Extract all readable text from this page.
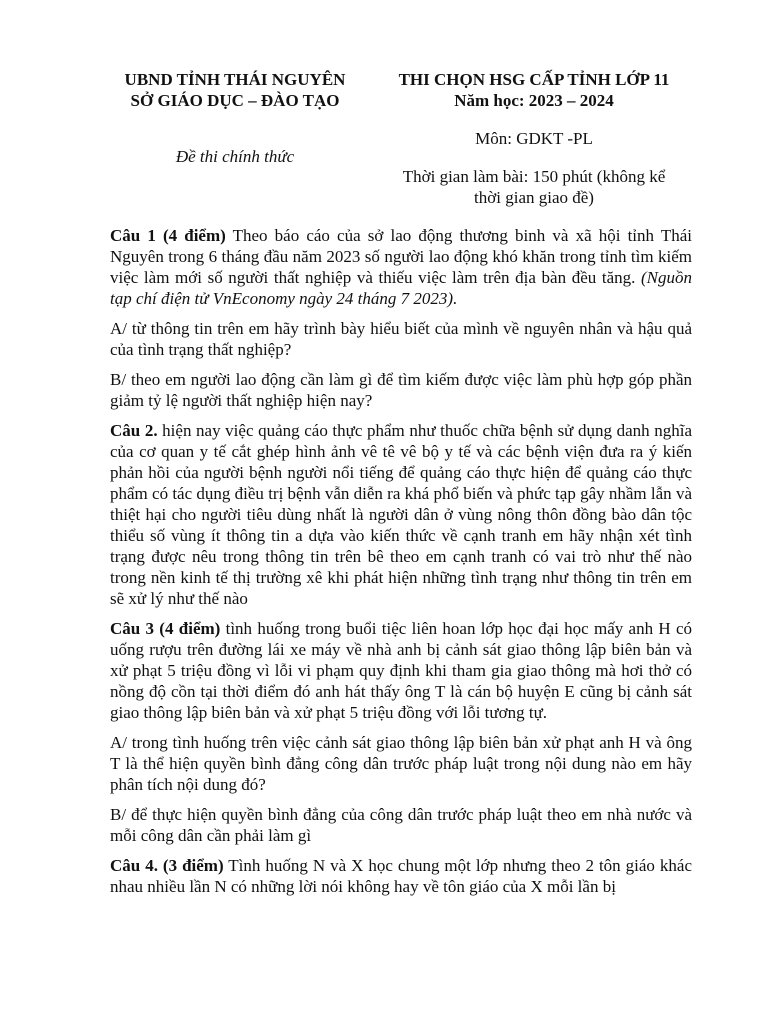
UBND TỈNH THÁI NGUYÊN
SỞ GIÁO DỤC – ĐÀO TẠO
Đề thi chính thức
THI CHỌN HSG CẤP TỈNH LỚP 11
Năm học: 2023 – 2024
Môn: GDKT -PL
Thời gian làm bài: 150 phút (không kể
thời gian giao đề)

Câu 1 (4 điểm) Theo báo cáo của sở lao động thương binh và xã hội tỉnh Thái Nguyên trong 6 tháng đầu năm 2023 số người lao động khó khăn trong tỉnh tìm kiếm việc làm mới số người thất nghiệp và thiếu việc làm trên địa bàn đều tăng. (Nguồn tạp chí điện tử VnEconomy ngày 24 tháng 7 2023).

A/ từ thông tin trên em hãy trình bày hiểu biết của mình về nguyên nhân và hậu quả của tình trạng thất nghiệp?

B/ theo em người lao động cần làm gì để tìm kiếm được việc làm phù hợp góp phần giảm tỷ lệ người thất nghiệp hiện nay?

Câu 2. hiện nay việc quảng cáo thực phẩm như thuốc chữa bệnh sử dụng danh nghĩa của cơ quan y tế cắt ghép hình ảnh vê tê vê bộ y tế và các bệnh viện đưa ra ý kiến phản hồi của người bệnh người nổi tiếng để quảng cáo thực hiện để quảng cáo thực phẩm có tác dụng điều trị bệnh vẫn diễn ra khá phổ biến và phức tạp gây nhầm lẫn và thiệt hại cho người tiêu dùng nhất là người dân ở vùng nông thôn đồng bào dân tộc thiểu số vùng ít thông tin a dựa vào kiến thức về cạnh tranh em hãy nhận xét tình trạng được nêu trong thông tin trên bê theo em cạnh tranh có vai trò như thế nào trong nền kinh tế thị trường xê khi phát hiện những tình trạng như thông tin trên em sẽ xử lý như thế nào

Câu 3 (4 điểm) tình huống trong buổi tiệc liên hoan lớp học đại học mấy anh H có uống rượu trên đường lái xe máy về nhà anh bị cảnh sát giao thông lập biên bản và xử phạt 5 triệu đồng vì lỗi vi phạm quy định khi tham gia giao thông mà hơi thở có nồng độ cồn tại thời điểm đó anh hát thấy ông T là cán bộ huyện E cũng bị cảnh sát giao thông lập biên bản và xử phạt 5 triệu đồng với lỗi tương tự.

A/ trong tình huống trên việc cảnh sát giao thông lập biên bản xử phạt anh H và ông T là thể hiện quyền bình đẳng công dân trước pháp luật trong nội dung nào em hãy phân tích nội dung đó?

B/ để thực hiện quyền bình đẳng của công dân trước pháp luật theo em nhà nước và mỗi công dân cần phải làm gì

Câu 4. (3 điểm) Tình huống N và X học chung một lớp nhưng theo 2 tôn giáo khác nhau nhiều lần N có những lời nói không hay về tôn giáo của X mỗi lần bị
